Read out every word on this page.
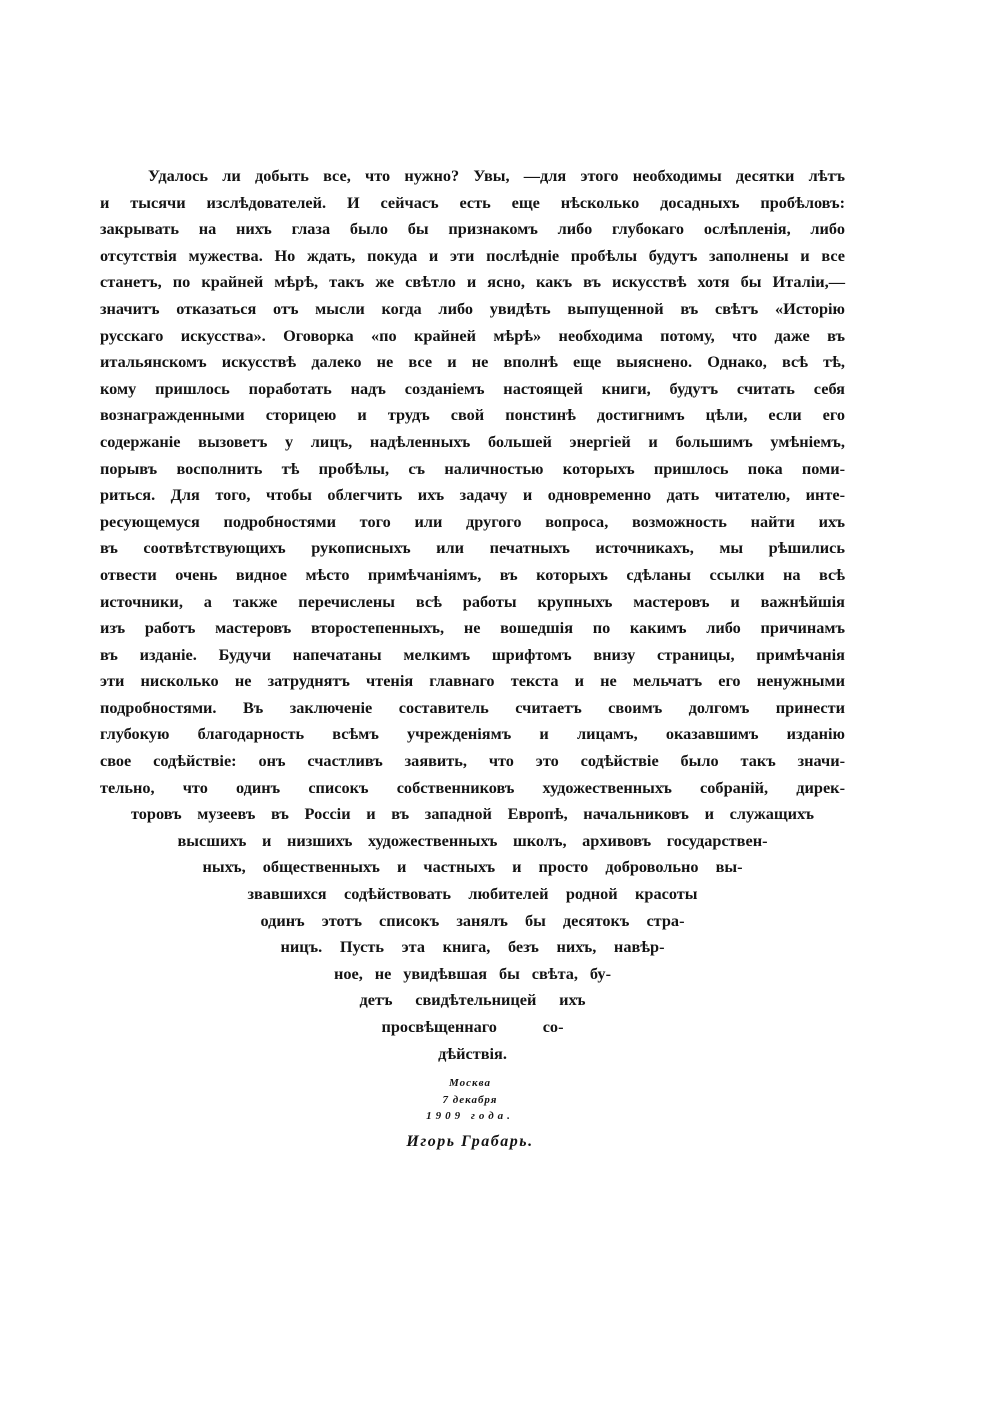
Удалось ли добыть все, что нужно? Увы, —для этого необходимы десятки лѣтъ
и тысячи изслѣдователей. И сейчасъ есть еще нѣсколько досадныхъ пробѣловъ:
закрывать на нихъ глаза было бы признакомъ либо глубокаго ослѣпленія, либо
отсутствія мужества. Но ждать, покуда и эти послѣдніе пробѣлы будутъ заполнены и все
станетъ, по крайней мѣрѣ, такъ же свѣтло и ясно, какъ въ искусствѣ хотя бы Италіи,—
значитъ отказаться отъ мысли когда либо увидѣть выпущенной въ свѣтъ «Исторію
русскаго искусства». Оговорка «по крайней мѣрѣ» необходима потому, что даже въ
итальянскомъ искусствѣ далеко не все и не вполнѣ еще выяснено. Однако, всѣ тѣ,
кому пришлось поработать надъ созданіемъ настоящей книги, будутъ считать себя
вознагражденными сторицею и трудъ свой понстинѣ достигнимъ цѣли, если его
содержаніе вызоветъ у лицъ, надѣленныхъ большей энергіей и большимъ умѣніемъ,
порывъ восполнить тѣ пробѣлы, съ наличностью которыхъ пришлось пока поми-
риться. Для того, чтобы облегчить ихъ задачу и одновременно дать читателю, инте-
ресующемуся подробностями того или другого вопроса, возможность найти ихъ
въ соотвѣтствующихъ рукописныхъ или печатныхъ источникахъ, мы рѣшились
отвести очень видное мѣсто примѣчаніямъ, въ которыхъ сдѣланы ссылки на всѣ
источники, а также перечислены всѣ работы крупныхъ мастеровъ и важнѣйшія
изъ работъ мастеровъ второстепенныхъ, не вошедшія по какимъ либо причинамъ
въ изданіе. Будучи напечатаны мелкимъ шрифтомъ внизу страницы, примѣчанія
эти нисколько не затруднятъ чтенія главнаго текста и не мельчатъ его ненужными
подробностями. Въ заключеніе составитель считаетъ своимъ долгомъ принести
глубокую благодарность всѣмъ учрежденіямъ и лицамъ, оказавшимъ изданію
свое содѣйствіе: онъ счастливъ заявить, что это содѣйствіе было такъ значи-
тельно, что одинъ списокъ собственниковъ художественныхъ собраній, дирек-
торовъ музеевъ въ Россіи и въ западной Европѣ, начальниковъ и служащихъ
высшихъ и низшихъ художественныхъ школъ, архивовъ государствен-
ныхъ, общественныхъ и частныхъ и просто добровольно вы-
звавшихся содѣйствовать любителей родной красоты
одинъ этотъ списокъ занялъ бы десятокъ стра-
ницъ. Пусть эта книга, безъ нихъ, навѣр-
ное, не увидѣвшая бы свѣта, бу-
детъ свидѣтельницей ихъ
просвѣщеннаго со-
дѣйствія.
Москва
7 декабря
1909 года.
Игорь Грабарь.
